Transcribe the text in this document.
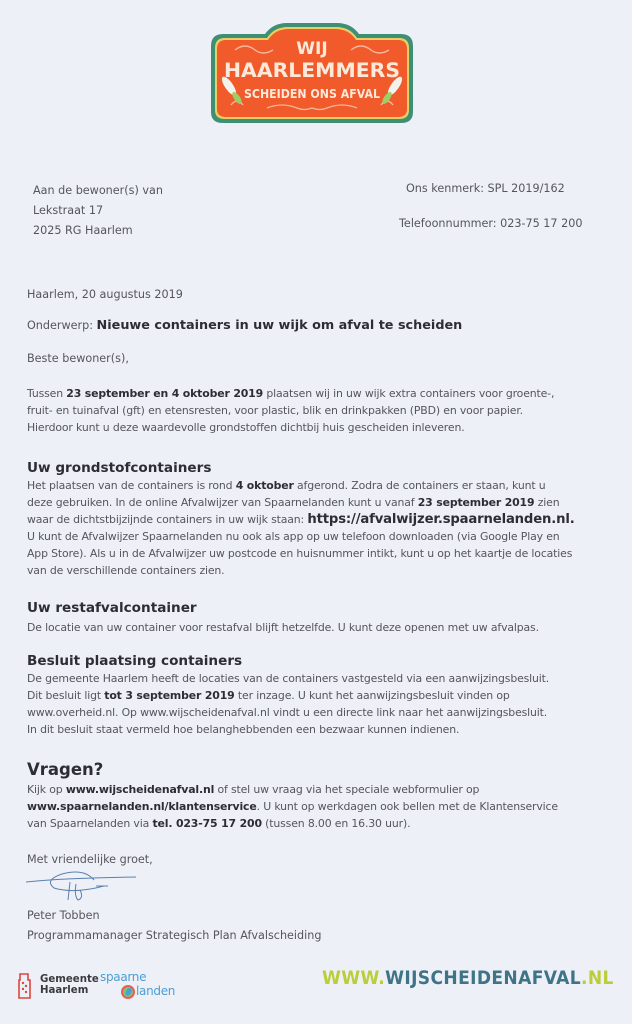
WIJ
HAARLEMMERS
SCHEIDEN ONS AFVAL
Aan de bewoner(s) van
Lekstraat 17
2025 RG Haarlem
Ons kenmerk: SPL 2019/162
Telefoonnummer: 023-75 17 200
Haarlem, 20 augustus 2019
Onderwerp: Nieuwe containers in uw wijk om afval te scheiden
Beste bewoner(s),
Tussen 23 september en 4 oktober 2019 plaatsen wij in uw wijk extra containers voor groente-,
fruit- en tuinafval (gft) en etensresten, voor plastic, blik en drinkpakken (PBD) en voor papier.
Hierdoor kunt u deze waardevolle grondstoffen dichtbij huis gescheiden inleveren.
Uw grondstofcontainers
Het plaatsen van de containers is rond 4 oktober afgerond. Zodra de containers er staan, kunt u
deze gebruiken. In de online Afvalwijzer van Spaarnelanden kunt u vanaf 23 september 2019 zien
waar de dichtstbijzijnde containers in uw wijk staan: https://afvalwijzer.spaarnelanden.nl.
U kunt de Afvalwijzer Spaarnelanden nu ook als app op uw telefoon downloaden (via Google Play en
App Store). Als u in de Afvalwijzer uw postcode en huisnummer intikt, kunt u op het kaartje de locaties
van de verschillende containers zien.
Uw restafvalcontainer
De locatie van uw container voor restafval blijft hetzelfde. U kunt deze openen met uw afvalpas.
Besluit plaatsing containers
De gemeente Haarlem heeft de locaties van de containers vastgesteld via een aanwijzingsbesluit.
Dit besluit ligt tot 3 september 2019 ter inzage. U kunt het aanwijzingsbesluit vinden op
www.overheid.nl. Op www.wijscheidenafval.nl vindt u een directe link naar het aanwijzingsbesluit.
In dit besluit staat vermeld hoe belanghebbenden een bezwaar kunnen indienen.
Vragen?
Kijk op www.wijscheidenafval.nl of stel uw vraag via het speciale webformulier op
www.spaarnelanden.nl/klantenservice. U kunt op werkdagen ook bellen met de Klantenservice
van Spaarnelanden via tel. 023-75 17 200 (tussen 8.00 en 16.30 uur).
Met vriendelijke groet,
Peter Tobben
Programmamanager Strategisch Plan Afvalscheiding
Gemeente
Haarlem
spaarne
landen
WWW.WIJSCHEIDENAFVAL.NL
